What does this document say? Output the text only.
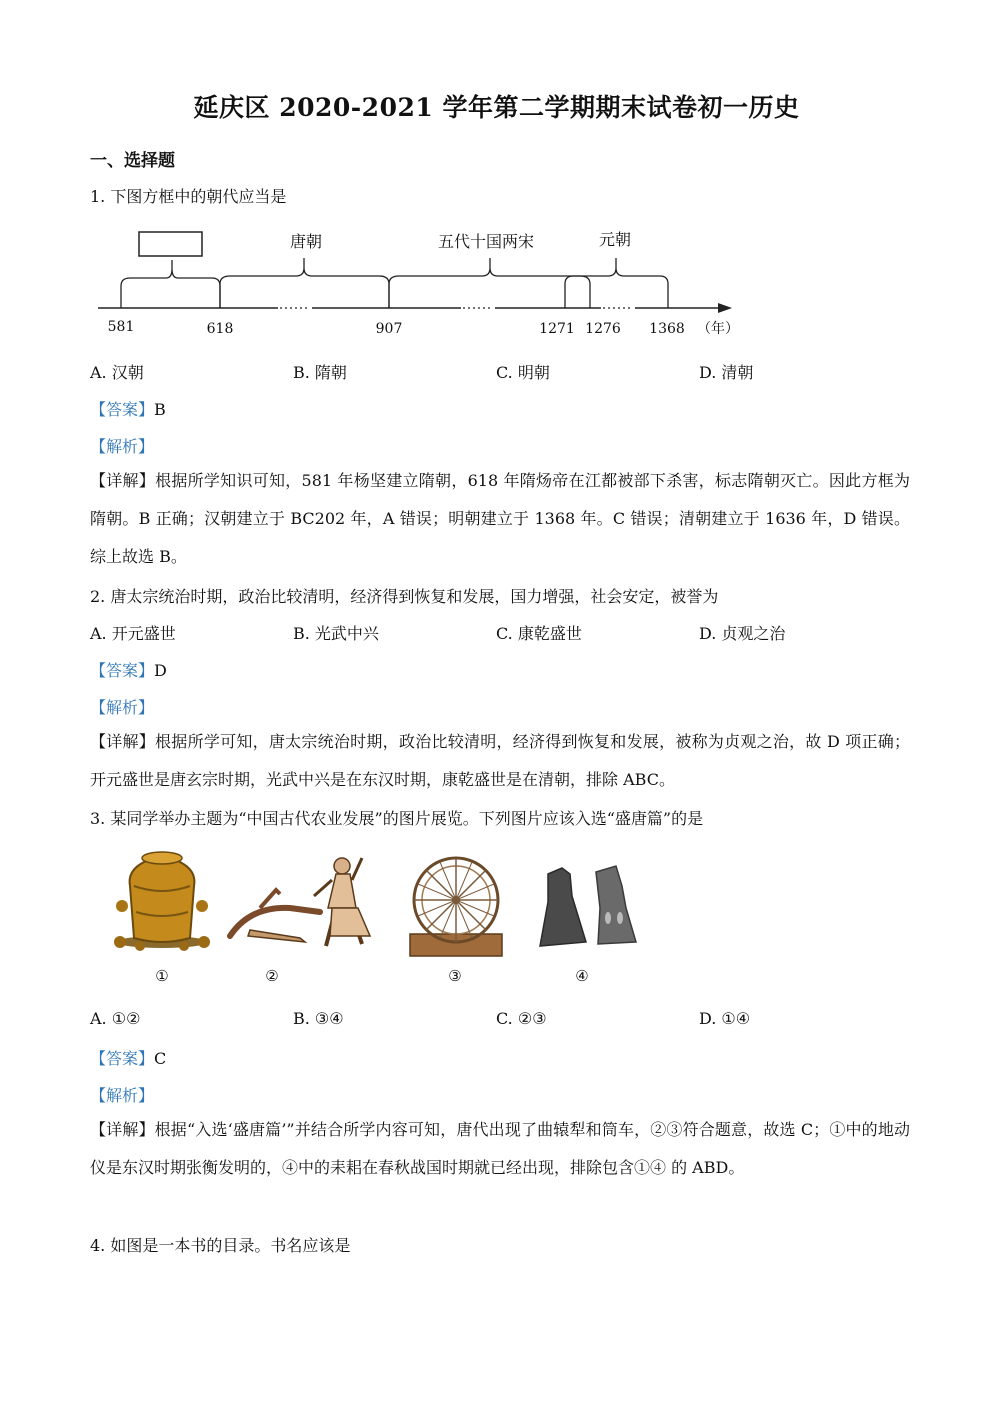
延庆区 2020-2021 学年第二学期期末试卷初一历史
一、选择题
1. 下图方框中的朝代应当是
唐朝	五代十国两宋	元朝
581	618	907	1271 1276 1368 （年）
A. 汉朝	B. 隋朝	C. 明朝	D. 清朝
【答案】B
【解析】
【详解】根据所学知识可知，581 年杨坚建立隋朝，618 年隋炀帝在江都被部下杀害，标志隋朝灭亡。因此方框为隋朝。B 正确；汉朝建立于 BC202 年，A 错误；明朝建立于 1368 年。C 错误；清朝建立于 1636 年，D 错误。综上故选 B。
2. 唐太宗统治时期，政治比较清明，经济得到恢复和发展，国力增强，社会安定，被誉为
A. 开元盛世	B. 光武中兴	C. 康乾盛世	D. 贞观之治
【答案】D
【解析】
【详解】根据所学可知，唐太宗统治时期，政治比较清明，经济得到恢复和发展，被称为贞观之治，故 D 项正确；开元盛世是唐玄宗时期，光武中兴是在东汉时期，康乾盛世是在清朝，排除 ABC。
3. 某同学举办主题为“中国古代农业发展”的图片展览。下列图片应该入选“盛唐篇”的是
①	②	③	④
A. ①②	B. ③④	C. ②③	D. ①④
【答案】C
【解析】
【详解】根据“入选‘盛唐篇’”并结合所学内容可知，唐代出现了曲辕犁和筒车，②③符合题意，故选 C；①中的地动仪是东汉时期张衡发明的，④中的耒耜在春秋战国时期就已经出现，排除包含①④ 的 ABD。
4. 如图是一本书的目录。书名应该是
